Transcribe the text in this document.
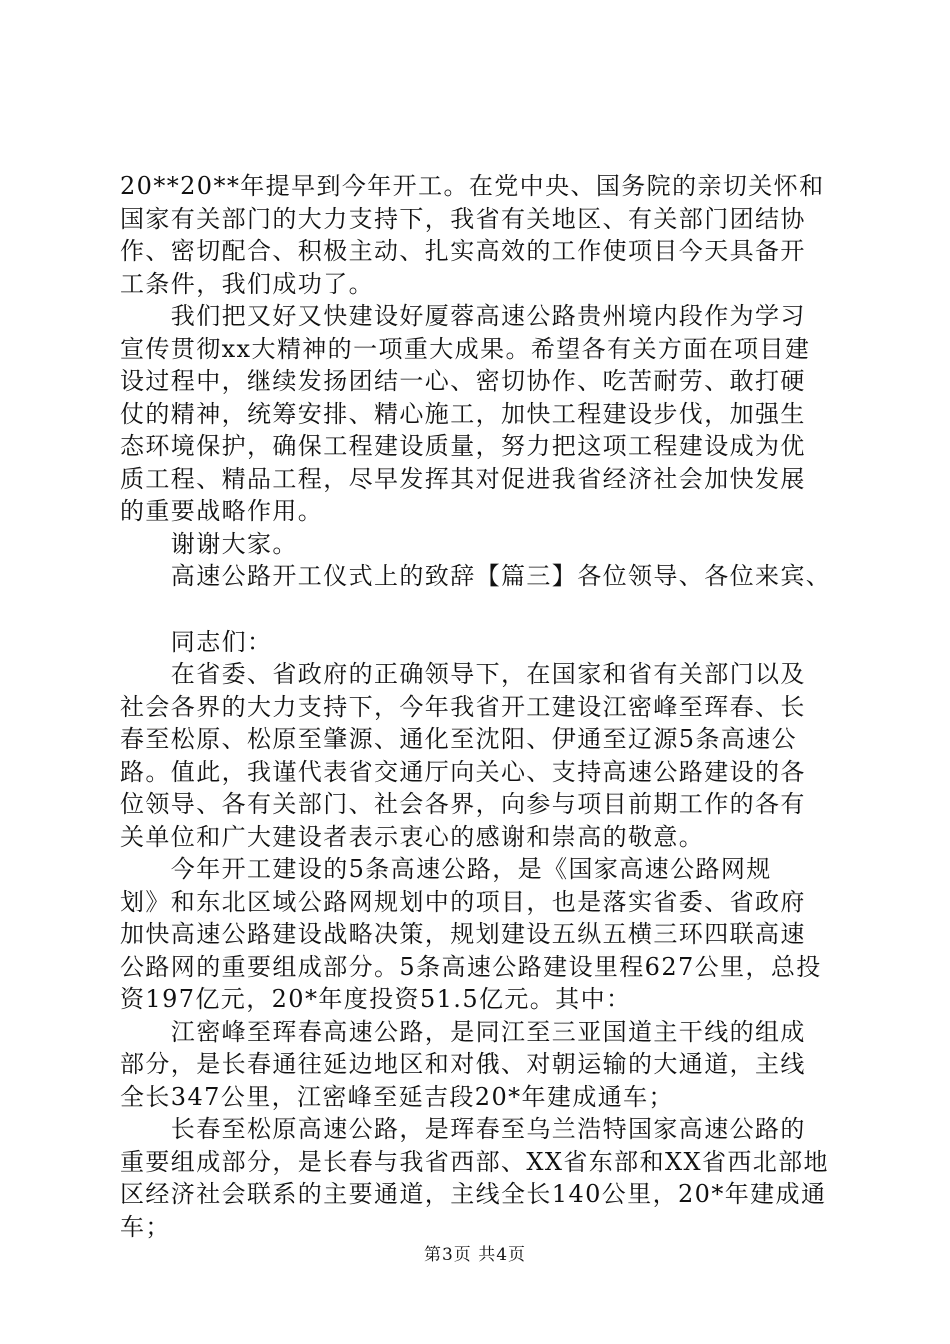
20**20**年提早到今年开工。在党中央、国务院的亲切关怀和
国家有关部门的大力支持下，我省有关地区、有关部门团结协
作、密切配合、积极主动、扎实高效的工作使项目今天具备开
工条件，我们成功了。
　　我们把又好又快建设好厦蓉高速公路贵州境内段作为学习
宣传贯彻xx大精神的一项重大成果。希望各有关方面在项目建
设过程中，继续发扬团结一心、密切协作、吃苦耐劳、敢打硬
仗的精神，统筹安排、精心施工，加快工程建设步伐，加强生
态环境保护，确保工程建设质量，努力把这项工程建设成为优
质工程、精品工程，尽早发挥其对促进我省经济社会加快发展
的重要战略作用。
　　谢谢大家。
　　高速公路开工仪式上的致辞【篇三】各位领导、各位来宾、
　　同志们：
　　在省委、省政府的正确领导下，在国家和省有关部门以及
社会各界的大力支持下，今年我省开工建设江密峰至珲春、长
春至松原、松原至肇源、通化至沈阳、伊通至辽源5条高速公
路。值此，我谨代表省交通厅向关心、支持高速公路建设的各
位领导、各有关部门、社会各界，向参与项目前期工作的各有
关单位和广大建设者表示衷心的感谢和崇高的敬意。
　　今年开工建设的5条高速公路，是《国家高速公路网规
划》和东北区域公路网规划中的项目，也是落实省委、省政府
加快高速公路建设战略决策，规划建设五纵五横三环四联高速
公路网的重要组成部分。5条高速公路建设里程627公里，总投
资197亿元，20*年度投资51.5亿元。其中：
　　江密峰至珲春高速公路，是同江至三亚国道主干线的组成
部分，是长春通往延边地区和对俄、对朝运输的大通道，主线
全长347公里，江密峰至延吉段20*年建成通车；
　　长春至松原高速公路，是珲春至乌兰浩特国家高速公路的
重要组成部分，是长春与我省西部、XX省东部和XX省西北部地
区经济社会联系的主要通道，主线全长140公里，20*年建成通
车；
第3页 共4页
